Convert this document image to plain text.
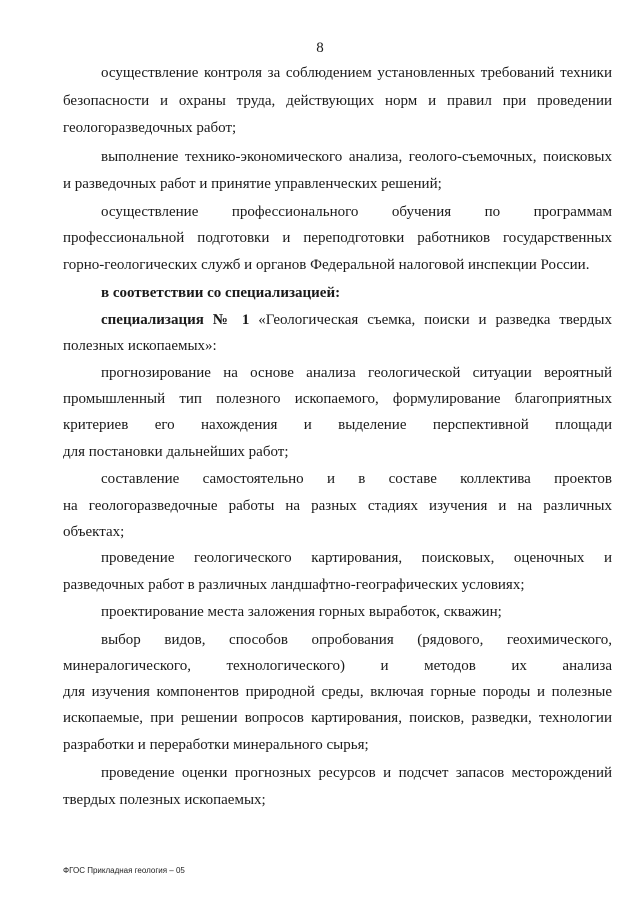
8
осуществление контроля за соблюдением установленных требований техники
безопасности и охраны труда, действующих норм и правил при проведении
геологоразведочных работ;
выполнение технико-экономического анализа, геолого-съемочных, поисковых
и разведочных работ и принятие управленческих решений;
осуществление профессионального обучения по программам
профессиональной подготовки и переподготовки работников государственных
горно-геологических служб и органов Федеральной налоговой инспекции России.
в соответствии со специализацией:
специализация № 1 «Геологическая съемка, поиски и разведка твердых
полезных ископаемых»:
прогнозирование на основе анализа геологической ситуации вероятный
промышленный тип полезного ископаемого, формулирование благоприятных
критериев его нахождения и выделение перспективной площади
для постановки дальнейших работ;
составление самостоятельно и в составе коллектива проектов
на геологоразведочные работы на разных стадиях изучения и на различных
объектах;
проведение геологического картирования, поисковых, оценочных и
разведочных работ в различных ландшафтно-географических условиях;
проектирование места заложения горных выработок, скважин;
выбор видов, способов опробования (рядового, геохимического,
минералогического, технологического) и методов их анализа
для изучения компонентов природной среды, включая горные породы и полезные
ископаемые, при решении вопросов картирования, поисков, разведки, технологии
разработки и переработки минерального сырья;
проведение оценки прогнозных ресурсов и подсчет запасов месторождений
твердых полезных ископаемых;
ФГОС Прикладная геология – 05
